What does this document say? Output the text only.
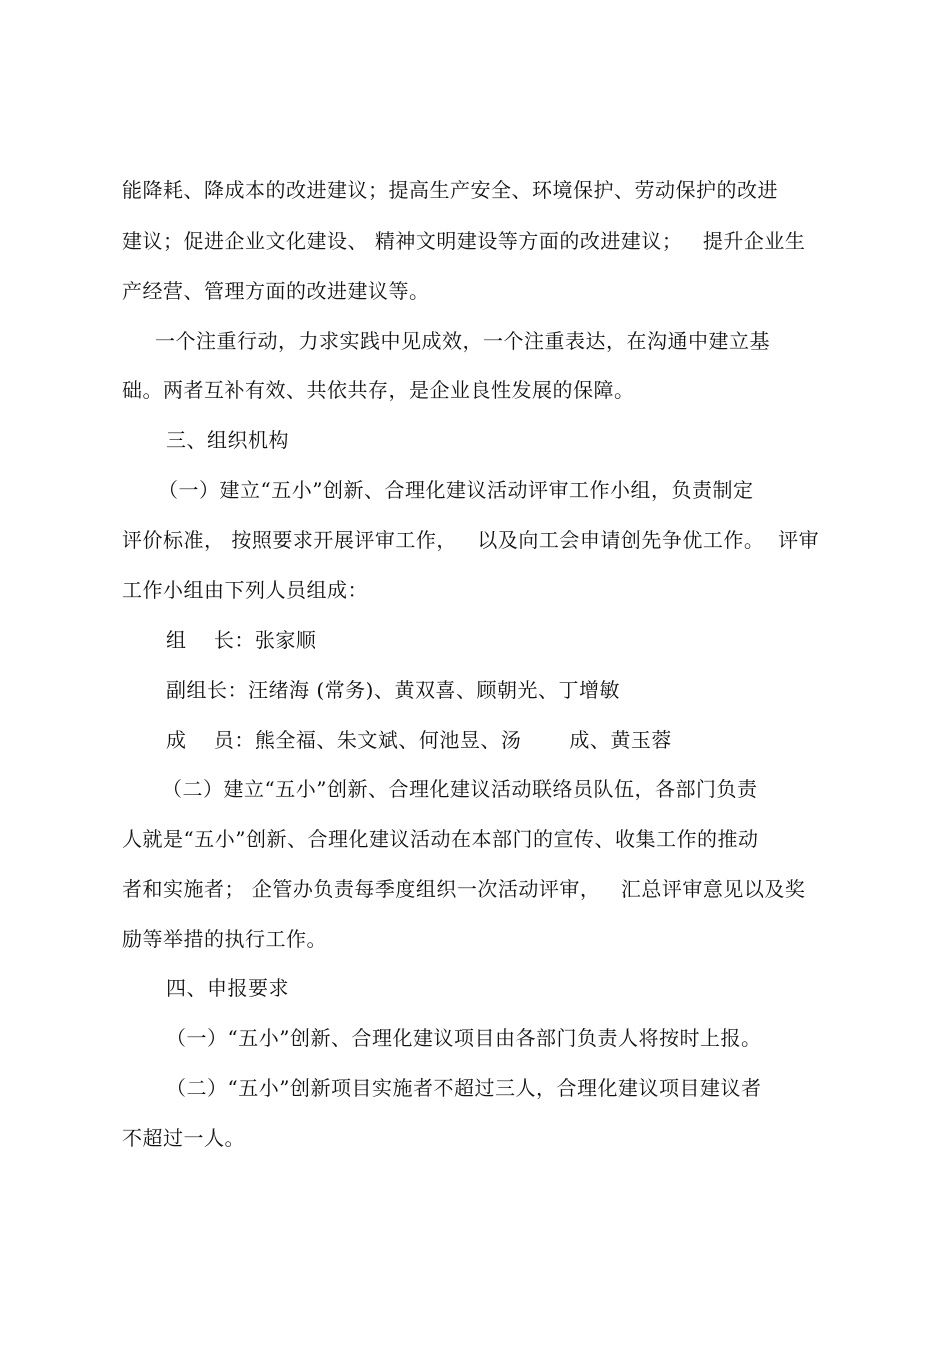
能降耗、降成本的改进建议；提高生产安全、环境保护、劳动保护的改进
建议；促进企业文化建设、 精神文明建设等方面的改进建议；   提升企业生
产经营、管理方面的改进建议等。
一个注重行动，力求实践中见成效，一个注重表达，在沟通中建立基
础。两者互补有效、共依共存，是企业良性发展的保障。
三、组织机构
（一）建立“五小”创新、合理化建议活动评审工作小组，负责制定
评价标准， 按照要求开展评审工作，   以及向工会申请创先争优工作。  评审
工作小组由下列人员组成：
组    长：张家顺
副组长：汪绪海 (常务)、黄双喜、顾朝光、丁增敏
成    员：熊全福、朱文斌、何池昱、汤       成、黄玉蓉
（二）建立“五小”创新、合理化建议活动联络员队伍，各部门负责
人就是“五小”创新、合理化建议活动在本部门的宣传、收集工作的推动
者和实施者； 企管办负责每季度组织一次活动评审，   汇总评审意见以及奖
励等举措的执行工作。
四、申报要求
（一）“五小”创新、合理化建议项目由各部门负责人将按时上报。
（二）“五小”创新项目实施者不超过三人，合理化建议项目建议者
不超过一人。
